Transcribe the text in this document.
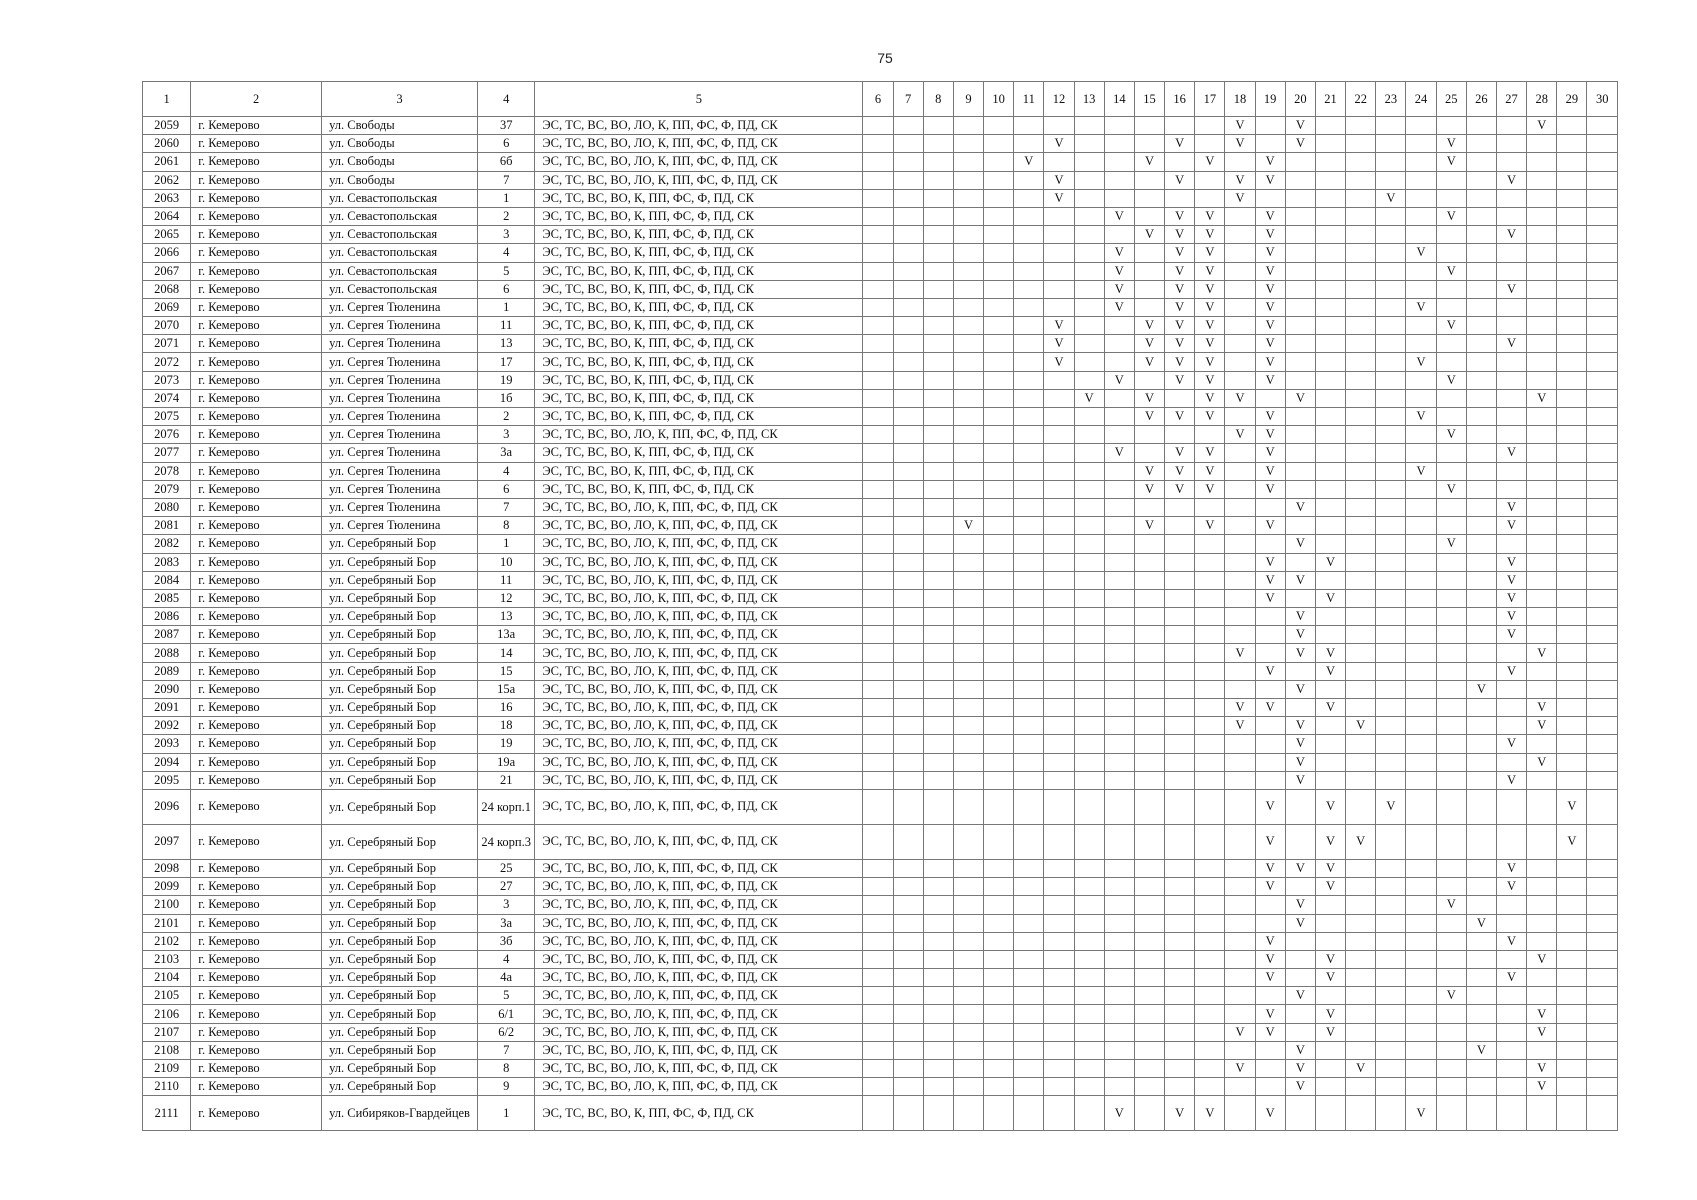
75
1	2	3	4	5	6	7	8	9	10	11	12	13	14	15	16	17	18	19	20	21	22	23	24	25	26	27	28	29	30
2059	г. Кемерово	ул. Свободы	37	ЭС, ТС, ВС, ВО, ЛО, К, ПП, ФС, Ф, ПД, СК													V		V								V		
2060	г. Кемерово	ул. Свободы	6	ЭС, ТС, ВС, ВО, ЛО, К, ПП, ФС, Ф, ПД, СК							V				V		V		V					V					
2061	г. Кемерово	ул. Свободы	6б	ЭС, ТС, ВС, ВО, ЛО, К, ПП, ФС, Ф, ПД, СК						V				V		V		V						V					
2062	г. Кемерово	ул. Свободы	7	ЭС, ТС, ВС, ВО, ЛО, К, ПП, ФС, Ф, ПД, СК							V				V		V	V								V			
2063	г. Кемерово	ул. Севастопольская	1	ЭС, ТС, ВС, ВО, К, ПП, ФС, Ф, ПД, СК							V						V					V							
2064	г. Кемерово	ул. Севастопольская	2	ЭС, ТС, ВС, ВО, К, ПП, ФС, Ф, ПД, СК									V		V	V		V						V					
2065	г. Кемерово	ул. Севастопольская	3	ЭС, ТС, ВС, ВО, К, ПП, ФС, Ф, ПД, СК										V	V	V		V								V			
2066	г. Кемерово	ул. Севастопольская	4	ЭС, ТС, ВС, ВО, К, ПП, ФС, Ф, ПД, СК									V		V	V		V					V						
2067	г. Кемерово	ул. Севастопольская	5	ЭС, ТС, ВС, ВО, К, ПП, ФС, Ф, ПД, СК									V		V	V		V						V					
2068	г. Кемерово	ул. Севастопольская	6	ЭС, ТС, ВС, ВО, К, ПП, ФС, Ф, ПД, СК									V		V	V		V								V			
2069	г. Кемерово	ул. Сергея Тюленина	1	ЭС, ТС, ВС, ВО, К, ПП, ФС, Ф, ПД, СК									V		V	V		V					V						
2070	г. Кемерово	ул. Сергея Тюленина	11	ЭС, ТС, ВС, ВО, К, ПП, ФС, Ф, ПД, СК							V			V	V	V		V						V					
2071	г. Кемерово	ул. Сергея Тюленина	13	ЭС, ТС, ВС, ВО, К, ПП, ФС, Ф, ПД, СК							V			V	V	V		V								V			
2072	г. Кемерово	ул. Сергея Тюленина	17	ЭС, ТС, ВС, ВО, К, ПП, ФС, Ф, ПД, СК							V			V	V	V		V					V						
2073	г. Кемерово	ул. Сергея Тюленина	19	ЭС, ТС, ВС, ВО, К, ПП, ФС, Ф, ПД, СК									V		V	V		V						V					
2074	г. Кемерово	ул. Сергея Тюленина	1б	ЭС, ТС, ВС, ВО, К, ПП, ФС, Ф, ПД, СК								V		V		V	V		V								V		
2075	г. Кемерово	ул. Сергея Тюленина	2	ЭС, ТС, ВС, ВО, К, ПП, ФС, Ф, ПД, СК										V	V	V		V					V						
2076	г. Кемерово	ул. Сергея Тюленина	3	ЭС, ТС, ВС, ВО, ЛО, К, ПП, ФС, Ф, ПД, СК													V	V						V					
2077	г. Кемерово	ул. Сергея Тюленина	3а	ЭС, ТС, ВС, ВО, К, ПП, ФС, Ф, ПД, СК									V		V	V		V								V			
2078	г. Кемерово	ул. Сергея Тюленина	4	ЭС, ТС, ВС, ВО, К, ПП, ФС, Ф, ПД, СК										V	V	V		V					V						
2079	г. Кемерово	ул. Сергея Тюленина	6	ЭС, ТС, ВС, ВО, К, ПП, ФС, Ф, ПД, СК										V	V	V		V						V					
2080	г. Кемерово	ул. Сергея Тюленина	7	ЭС, ТС, ВС, ВО, ЛО, К, ПП, ФС, Ф, ПД, СК															V							V			
2081	г. Кемерово	ул. Сергея Тюленина	8	ЭС, ТС, ВС, ВО, ЛО, К, ПП, ФС, Ф, ПД, СК				V						V		V		V								V			
2082	г. Кемерово	ул. Серебряный Бор	1	ЭС, ТС, ВС, ВО, ЛО, К, ПП, ФС, Ф, ПД, СК															V					V					
2083	г. Кемерово	ул. Серебряный Бор	10	ЭС, ТС, ВС, ВО, ЛО, К, ПП, ФС, Ф, ПД, СК														V		V						V			
2084	г. Кемерово	ул. Серебряный Бор	11	ЭС, ТС, ВС, ВО, ЛО, К, ПП, ФС, Ф, ПД, СК														V	V							V			
2085	г. Кемерово	ул. Серебряный Бор	12	ЭС, ТС, ВС, ВО, ЛО, К, ПП, ФС, Ф, ПД, СК														V		V						V			
2086	г. Кемерово	ул. Серебряный Бор	13	ЭС, ТС, ВС, ВО, ЛО, К, ПП, ФС, Ф, ПД, СК															V							V			
2087	г. Кемерово	ул. Серебряный Бор	13а	ЭС, ТС, ВС, ВО, ЛО, К, ПП, ФС, Ф, ПД, СК															V							V			
2088	г. Кемерово	ул. Серебряный Бор	14	ЭС, ТС, ВС, ВО, ЛО, К, ПП, ФС, Ф, ПД, СК													V		V	V							V		
2089	г. Кемерово	ул. Серебряный Бор	15	ЭС, ТС, ВС, ВО, ЛО, К, ПП, ФС, Ф, ПД, СК														V		V						V			
2090	г. Кемерово	ул. Серебряный Бор	15а	ЭС, ТС, ВС, ВО, ЛО, К, ПП, ФС, Ф, ПД, СК															V						V				
2091	г. Кемерово	ул. Серебряный Бор	16	ЭС, ТС, ВС, ВО, ЛО, К, ПП, ФС, Ф, ПД, СК													V	V		V							V		
2092	г. Кемерово	ул. Серебряный Бор	18	ЭС, ТС, ВС, ВО, ЛО, К, ПП, ФС, Ф, ПД, СК													V		V		V						V		
2093	г. Кемерово	ул. Серебряный Бор	19	ЭС, ТС, ВС, ВО, ЛО, К, ПП, ФС, Ф, ПД, СК															V							V			
2094	г. Кемерово	ул. Серебряный Бор	19а	ЭС, ТС, ВС, ВО, ЛО, К, ПП, ФС, Ф, ПД, СК															V								V		
2095	г. Кемерово	ул. Серебряный Бор	21	ЭС, ТС, ВС, ВО, ЛО, К, ПП, ФС, Ф, ПД, СК															V							V			
2096	г. Кемерово	ул. Серебряный Бор	24 корп.1	ЭС, ТС, ВС, ВО, ЛО, К, ПП, ФС, Ф, ПД, СК														V		V		V						V	
2097	г. Кемерово	ул. Серебряный Бор	24 корп.3	ЭС, ТС, ВС, ВО, ЛО, К, ПП, ФС, Ф, ПД, СК														V		V	V							V	
2098	г. Кемерово	ул. Серебряный Бор	25	ЭС, ТС, ВС, ВО, ЛО, К, ПП, ФС, Ф, ПД, СК														V	V	V						V			
2099	г. Кемерово	ул. Серебряный Бор	27	ЭС, ТС, ВС, ВО, ЛО, К, ПП, ФС, Ф, ПД, СК														V		V						V			
2100	г. Кемерово	ул. Серебряный Бор	3	ЭС, ТС, ВС, ВО, ЛО, К, ПП, ФС, Ф, ПД, СК															V					V					
2101	г. Кемерово	ул. Серебряный Бор	3а	ЭС, ТС, ВС, ВО, ЛО, К, ПП, ФС, Ф, ПД, СК															V						V				
2102	г. Кемерово	ул. Серебряный Бор	3б	ЭС, ТС, ВС, ВО, ЛО, К, ПП, ФС, Ф, ПД, СК														V								V			
2103	г. Кемерово	ул. Серебряный Бор	4	ЭС, ТС, ВС, ВО, ЛО, К, ПП, ФС, Ф, ПД, СК														V		V							V		
2104	г. Кемерово	ул. Серебряный Бор	4а	ЭС, ТС, ВС, ВО, ЛО, К, ПП, ФС, Ф, ПД, СК														V		V						V			
2105	г. Кемерово	ул. Серебряный Бор	5	ЭС, ТС, ВС, ВО, ЛО, К, ПП, ФС, Ф, ПД, СК															V					V					
2106	г. Кемерово	ул. Серебряный Бор	6/1	ЭС, ТС, ВС, ВО, ЛО, К, ПП, ФС, Ф, ПД, СК														V		V							V		
2107	г. Кемерово	ул. Серебряный Бор	6/2	ЭС, ТС, ВС, ВО, ЛО, К, ПП, ФС, Ф, ПД, СК													V	V		V							V		
2108	г. Кемерово	ул. Серебряный Бор	7	ЭС, ТС, ВС, ВО, ЛО, К, ПП, ФС, Ф, ПД, СК															V						V				
2109	г. Кемерово	ул. Серебряный Бор	8	ЭС, ТС, ВС, ВО, ЛО, К, ПП, ФС, Ф, ПД, СК													V		V		V						V		
2110	г. Кемерово	ул. Серебряный Бор	9	ЭС, ТС, ВС, ВО, ЛО, К, ПП, ФС, Ф, ПД, СК															V								V		
2111	г. Кемерово	ул. Сибиряков-Гвардейцев	1	ЭС, ТС, ВС, ВО, К, ПП, ФС, Ф, ПД, СК									V		V	V		V					V						
